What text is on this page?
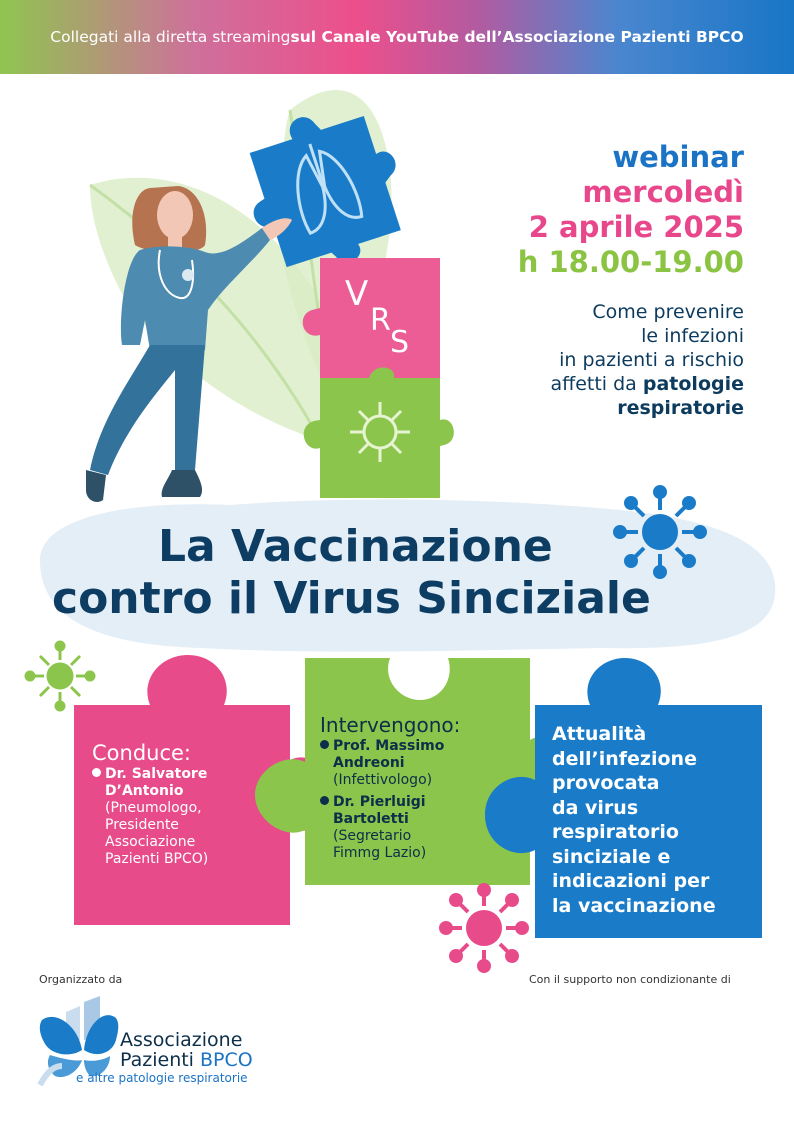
Collegati alla diretta streaming sul Canale YouTube dell’Associazione Pazienti BPCO
V
R
S
webinar
mercoledì
2 aprile 2025
h 18.00-19.00
Come prevenire
le infezioni
in pazienti a rischio
affetti da patologie
respiratorie
La Vaccinazione
contro il Virus Sinciziale
Conduce:
Dr. Salvatore
D’Antonio
(Pneumologo,
Presidente
Associazione
Pazienti BPCO)
Intervengono:
Prof. Massimo
Andreoni
(Infettivologo)
Dr. Pierluigi
Bartoletti
(Segretario
Fimmg Lazio)
Attualità
dell’infezione
provocata
da virus
respiratorio
sinciziale e
indicazioni per
la vaccinazione
Organizzato da	Con il supporto non condizionante di
Associazione
Pazienti BPCO
e altre patologie respiratorie
